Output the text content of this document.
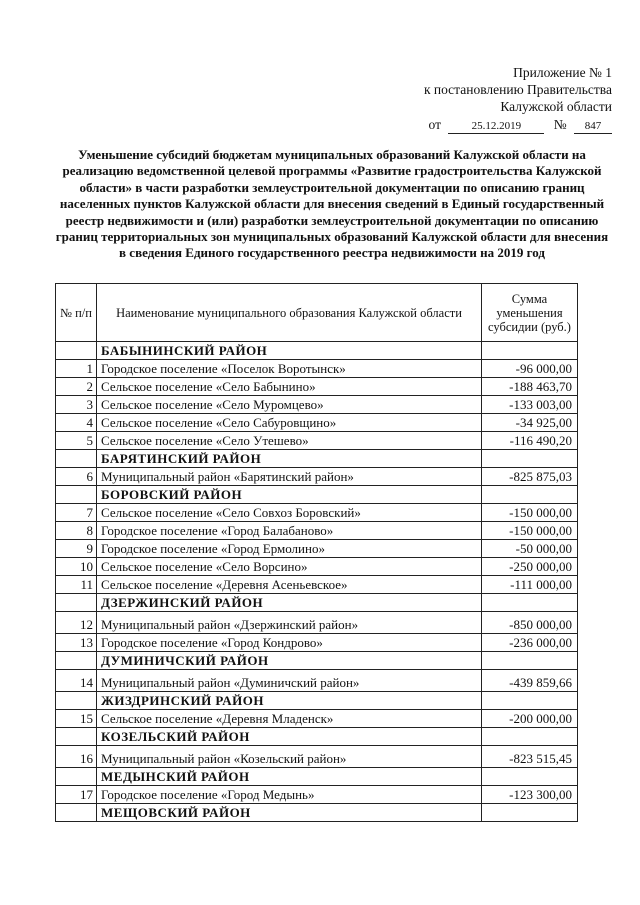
Приложение № 1
к постановлению Правительства
Калужской области
от	25.12.2019 № 847
Уменьшение субсидий бюджетам муниципальных образований Калужской области на реализацию ведомственной целевой программы «Развитие градостроительства Калужской области» в части разработки землеустроительной документации по описанию границ населенных пунктов Калужской области для внесения сведений в Единый государственный реестр недвижимости и (или) разработки землеустроительной документации по описанию границ территориальных зон муниципальных образований Калужской области для внесения в сведения Единого государственного реестра недвижимости на 2019 год
№ п/п	Наименование муниципального образования Калужской области	Сумма уменьшения субсидии (руб.)
	БАБЫНИНСКИЙ РАЙОН	
1	Городское поселение «Поселок Воротынск»	-96 000,00
2	Сельское поселение «Село Бабынино»	-188 463,70
3	Сельское поселение «Село Муромцево»	-133 003,00
4	Сельское поселение «Село Сабуровщино»	-34 925,00
5	Сельское поселение «Село Утешево»	-116 490,20
	БАРЯТИНСКИЙ РАЙОН	
6	Муниципальный район «Барятинский район»	-825 875,03
	БОРОВСКИЙ РАЙОН	
7	Сельское поселение «Село Совхоз Боровский»	-150 000,00
8	Городское поселение «Город Балабаново»	-150 000,00
9	Городское поселение «Город Ермолино»	-50 000,00
10	Сельское поселение «Село Ворсино»	-250 000,00
11	Сельское поселение «Деревня Асеньевское»	-111 000,00
	ДЗЕРЖИНСКИЙ РАЙОН	
12	Муниципальный район «Дзержинский район»	-850 000,00
13	Городское поселение «Город Кондрово»	-236 000,00
	ДУМИНИЧСКИЙ РАЙОН	
14	Муниципальный район «Думиничский район»	-439 859,66
	ЖИЗДРИНСКИЙ РАЙОН	
15	Сельское поселение «Деревня Младенск»	-200 000,00
	КОЗЕЛЬСКИЙ РАЙОН	
16	Муниципальный район «Козельский район»	-823 515,45
	МЕДЫНСКИЙ РАЙОН	
17	Городское поселение «Город Медынь»	-123 300,00
	МЕЩОВСКИЙ РАЙОН	
